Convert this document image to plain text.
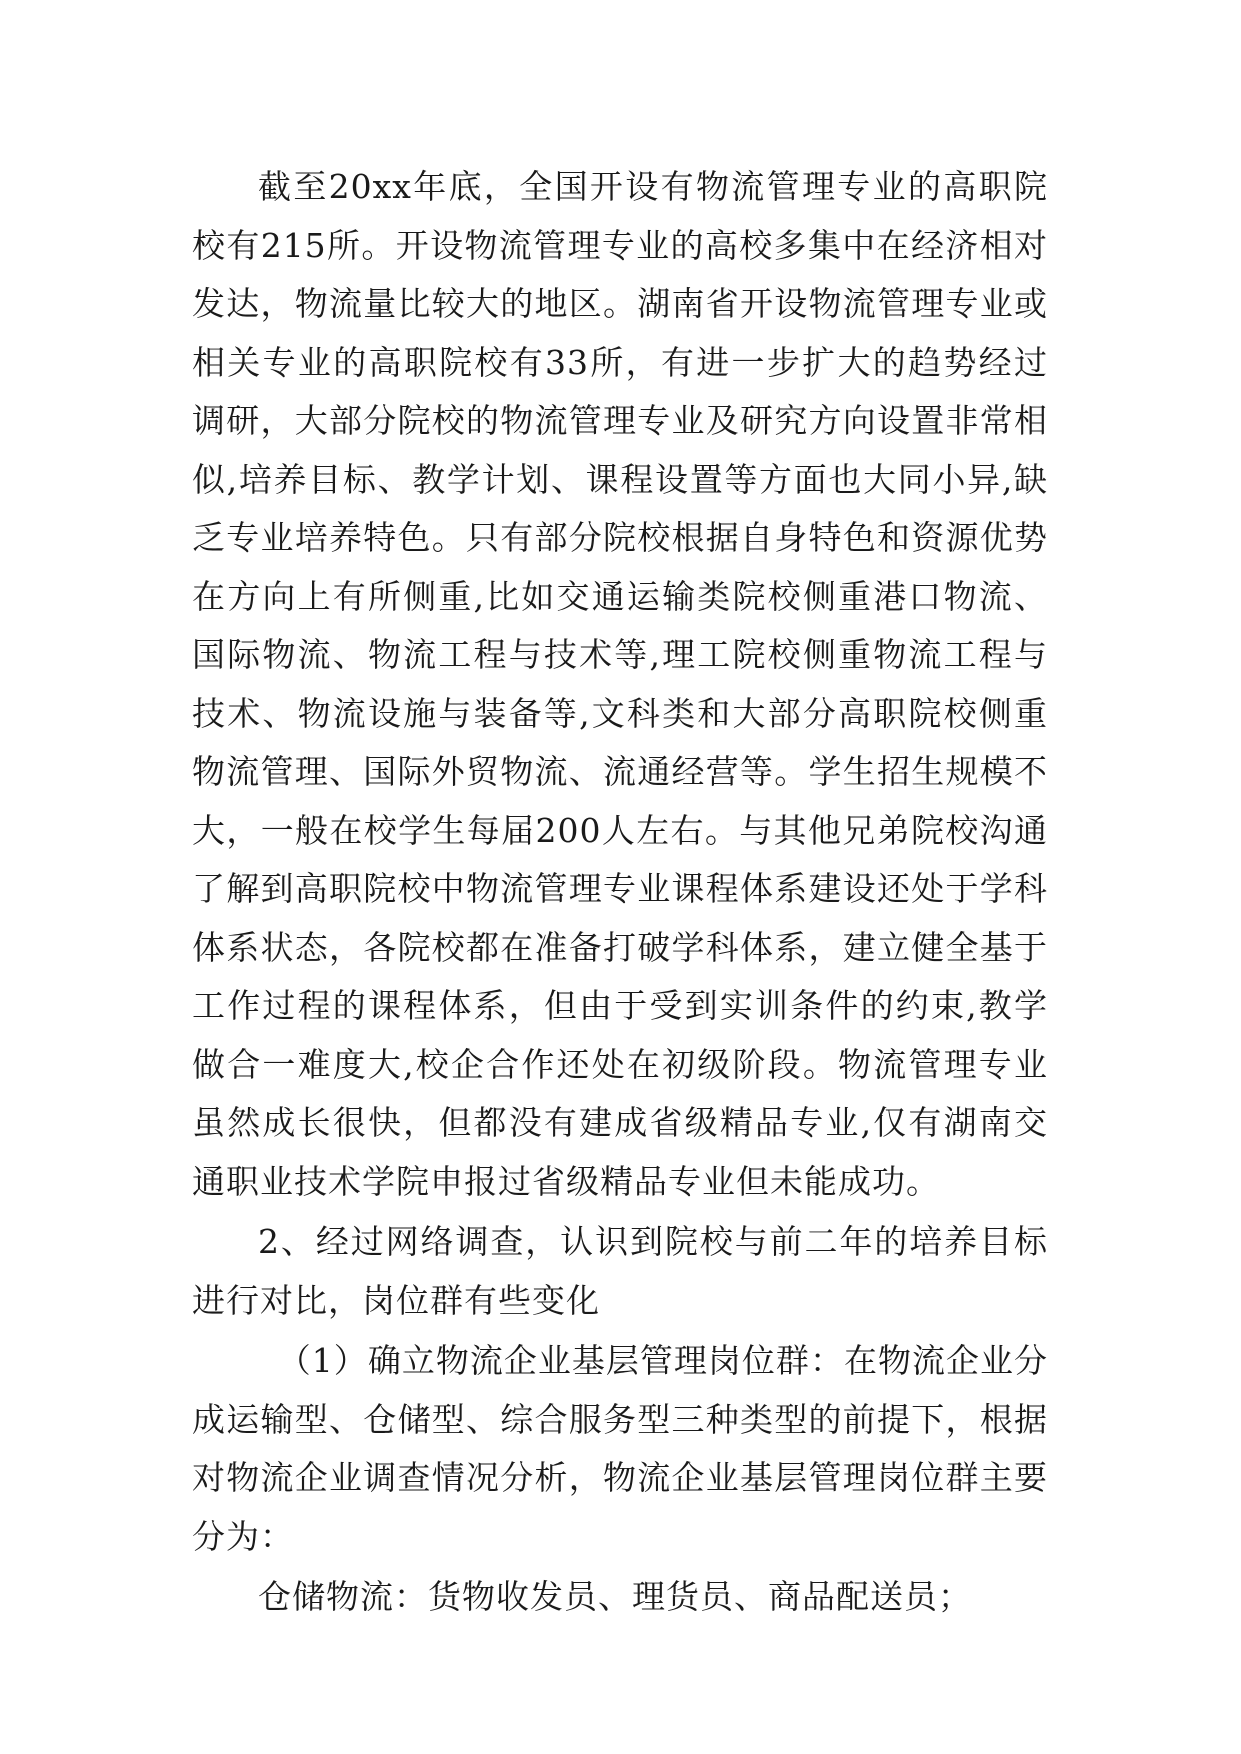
截至20xx年底，全国开设有物流管理专业的高职院校有215所。开设物流管理专业的高校多集中在经济相对发达，物流量比较大的地区。湖南省开设物流管理专业或相关专业的高职院校有33所，有进一步扩大的趋势经过调研，大部分院校的物流管理专业及研究方向设置非常相似,培养目标、教学计划、课程设置等方面也大同小异,缺乏专业培养特色。只有部分院校根据自身特色和资源优势在方向上有所侧重,比如交通运输类院校侧重港口物流、国际物流、物流工程与技术等,理工院校侧重物流工程与技术、物流设施与装备等,文科类和大部分高职院校侧重物流管理、国际外贸物流、流通经营等。学生招生规模不大，一般在校学生每届200人左右。与其他兄弟院校沟通了解到高职院校中物流管理专业课程体系建设还处于学科体系状态，各院校都在准备打破学科体系，建立健全基于工作过程的课程体系，但由于受到实训条件的约束,教学做合一难度大,校企合作还处在初级阶段。物流管理专业虽然成长很快，但都没有建成省级精品专业,仅有湖南交通职业技术学院申报过省级精品专业但未能成功。

2、经过网络调查，认识到院校与前二年的培养目标进行对比，岗位群有些变化

（1）确立物流企业基层管理岗位群：在物流企业分成运输型、仓储型、综合服务型三种类型的前提下，根据对物流企业调查情况分析，物流企业基层管理岗位群主要分为：

仓储物流：货物收发员、理货员、商品配送员；
